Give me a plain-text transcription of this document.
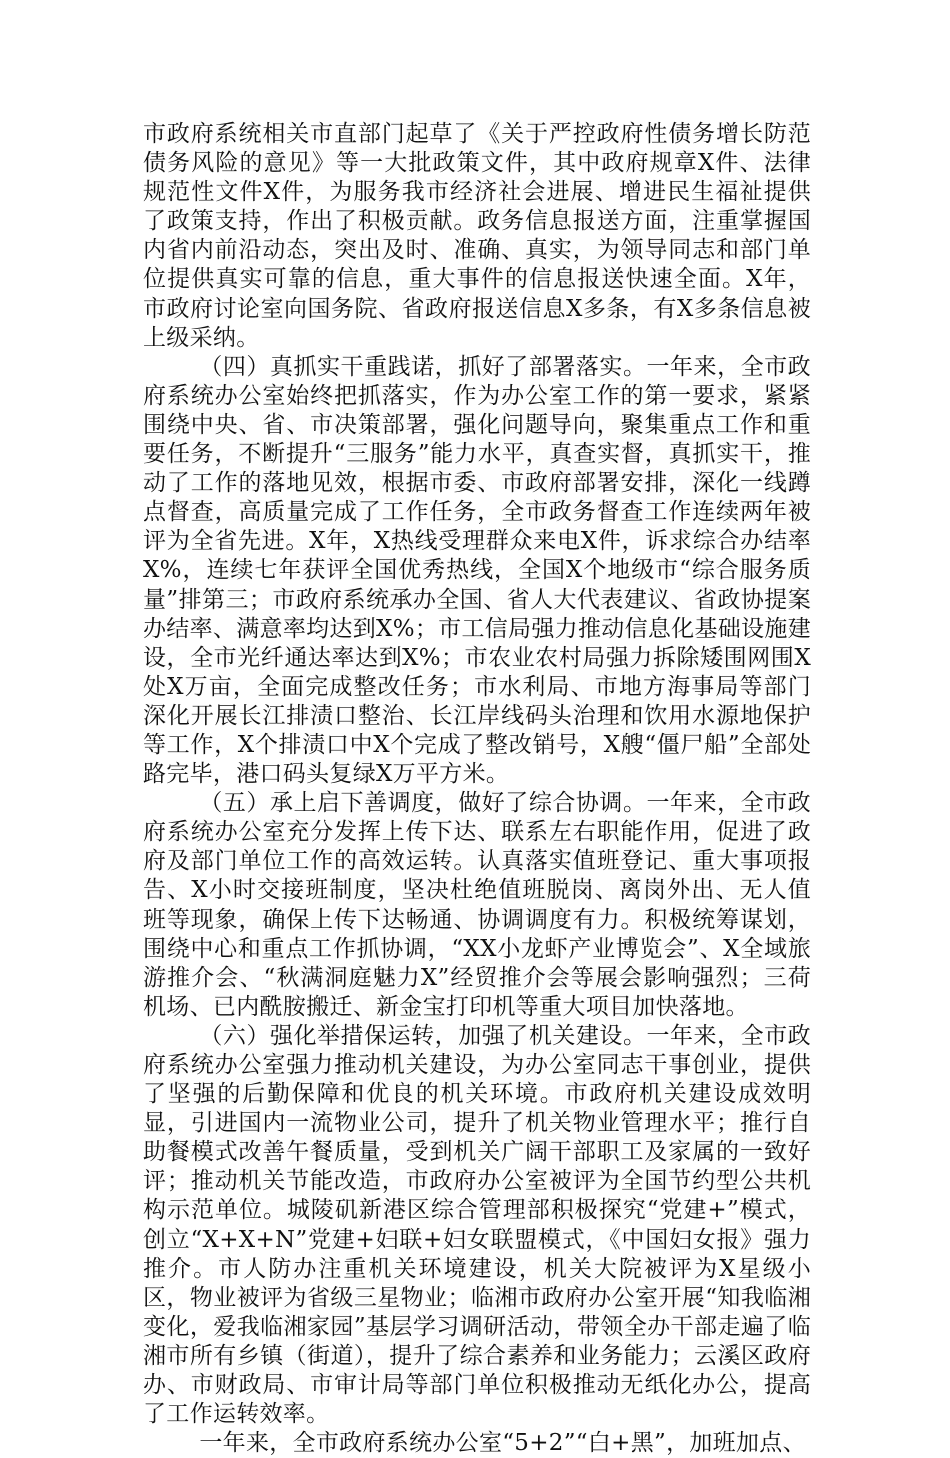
市政府系统相关市直部门起草了《关于严控政府性债务增长防范债务风险的意见》等一大批政策文件，其中政府规章X件、法律规范性文件X件，为服务我市经济社会进展、增进民生福祉提供了政策支持，作出了积极贡献。政务信息报送方面，注重掌握国内省内前沿动态，突出及时、准确、真实，为领导同志和部门单位提供真实可靠的信息，重大事件的信息报送快速全面。X年，市政府讨论室向国务院、省政府报送信息X多条，有X多条信息被上级采纳。

（四）真抓实干重践诺，抓好了部署落实。一年来，全市政府系统办公室始终把抓落实，作为办公室工作的第一要求，紧紧围绕中央、省、市决策部署，强化问题导向，聚集重点工作和重要任务，不断提升“三服务”能力水平，真查实督，真抓实干，推动了工作的落地见效，根据市委、市政府部署安排，深化一线蹲点督查，高质量完成了工作任务，全市政务督查工作连续两年被评为全省先进。X年，X热线受理群众来电X件，诉求综合办结率X%，连续七年获评全国优秀热线，全国X个地级市“综合服务质量”排第三；市政府系统承办全国、省人大代表建议、省政协提案办结率、满意率均达到X%；市工信局强力推动信息化基础设施建设，全市光纤通达率达到X%；市农业农村局强力拆除矮围网围X处X万亩，全面完成整改任务；市水利局、市地方海事局等部门深化开展长江排渍口整治、长江岸线码头治理和饮用水源地保护等工作，X个排渍口中X个完成了整改销号，X艘“僵尸船”全部处路完毕，港口码头复绿X万平方米。

（五）承上启下善调度，做好了综合协调。一年来，全市政府系统办公室充分发挥上传下达、联系左右职能作用，促进了政府及部门单位工作的高效运转。认真落实值班登记、重大事项报告、X小时交接班制度，坚决杜绝值班脱岗、离岗外出、无人值班等现象，确保上传下达畅通、协调调度有力。积极统筹谋划，围绕中心和重点工作抓协调，“XX小龙虾产业博览会”、X全域旅游推介会、“秋满洞庭魅力X”经贸推介会等展会影响强烈；三荷机场、已内酰胺搬迁、新金宝打印机等重大项目加快落地。

（六）强化举措保运转，加强了机关建设。一年来，全市政府系统办公室强力推动机关建设，为办公室同志干事创业，提供了坚强的后勤保障和优良的机关环境。市政府机关建设成效明显，引进国内一流物业公司，提升了机关物业管理水平；推行自助餐模式改善午餐质量，受到机关广阔干部职工及家属的一致好评；推动机关节能改造，市政府办公室被评为全国节约型公共机构示范单位。城陵矶新港区综合管理部积极探究“党建+”模式，创立“X+X+N”党建+妇联+妇女联盟模式，《中国妇女报》强力推介。市人防办注重机关环境建设，机关大院被评为X星级小区，物业被评为省级三星物业；临湘市政府办公室开展“知我临湘变化，爱我临湘家园”基层学习调研活动，带领全办干部走遍了临湘市所有乡镇（街道），提升了综合素养和业务能力；云溪区政府办、市财政局、市审计局等部门单位积极推动无纸化办公，提高了工作运转效率。

一年来，全市政府系统办公室“5+2”“白+黑”，加班加点、
